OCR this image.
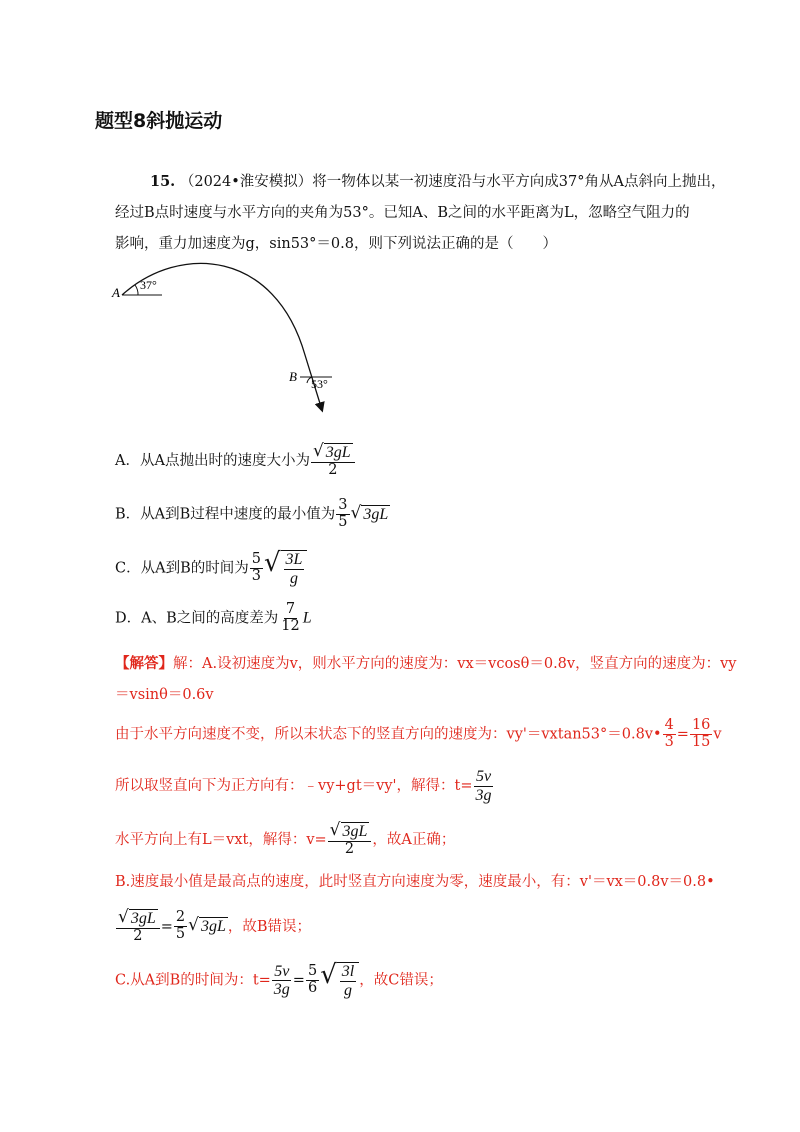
题型8斜抛运动
15. （2024•淮安模拟）将一物体以某一初速度沿与水平方向成37°角从A点斜向上抛出，
经过B点时速度与水平方向的夹角为53°。已知A、B之间的水平距离为L，忽略空气阻力的
影响，重力加速度为g，sin53°＝0.8，则下列说法正确的是（　　）
A 37°
B 53°
A．从A点抛出时的速度大小为 $\frac{√ 3gL}{2}$
B．从A到B过程中速度的最小值为 $\frac{3}{5}$ √ 3gL
C．从A到B的时间为 $\frac{5}{3}$ √ $\frac{3L}{g}$
D．A、B之间的高度差为 $\frac{7}{12}$ L
【解答】解：A.设初速度为v，则水平方向的速度为：vx＝vcosθ＝0.8v，竖直方向的速度为：vy
＝vsinθ＝0.6v
由于水平方向速度不变，所以末状态下的竖直方向的速度为：vy'＝vxtan53°＝0.8v• $\frac{4}{3} = \frac{16}{15}$ v
所以取竖直向下为正方向有：﹣vy+gt＝vy'，解得：$t= \frac{5v}{3g}$
水平方向上有L＝vxt，解得：$v= \frac{√ 3gL}{2}$ ，故A正确；
B.速度最小值是最高点的速度，此时竖直方向速度为零，速度最小，有：v'＝vx＝0.8v＝0.8•
$\frac{√ 3gL}{2} = \frac{2}{5}$ √ 3gL ，故B错误；
C.从A到B的时间为：$t= \frac{5v}{3g} = \frac{5}{6}$ √ $\frac{3l}{g}$ ，故C错误；
